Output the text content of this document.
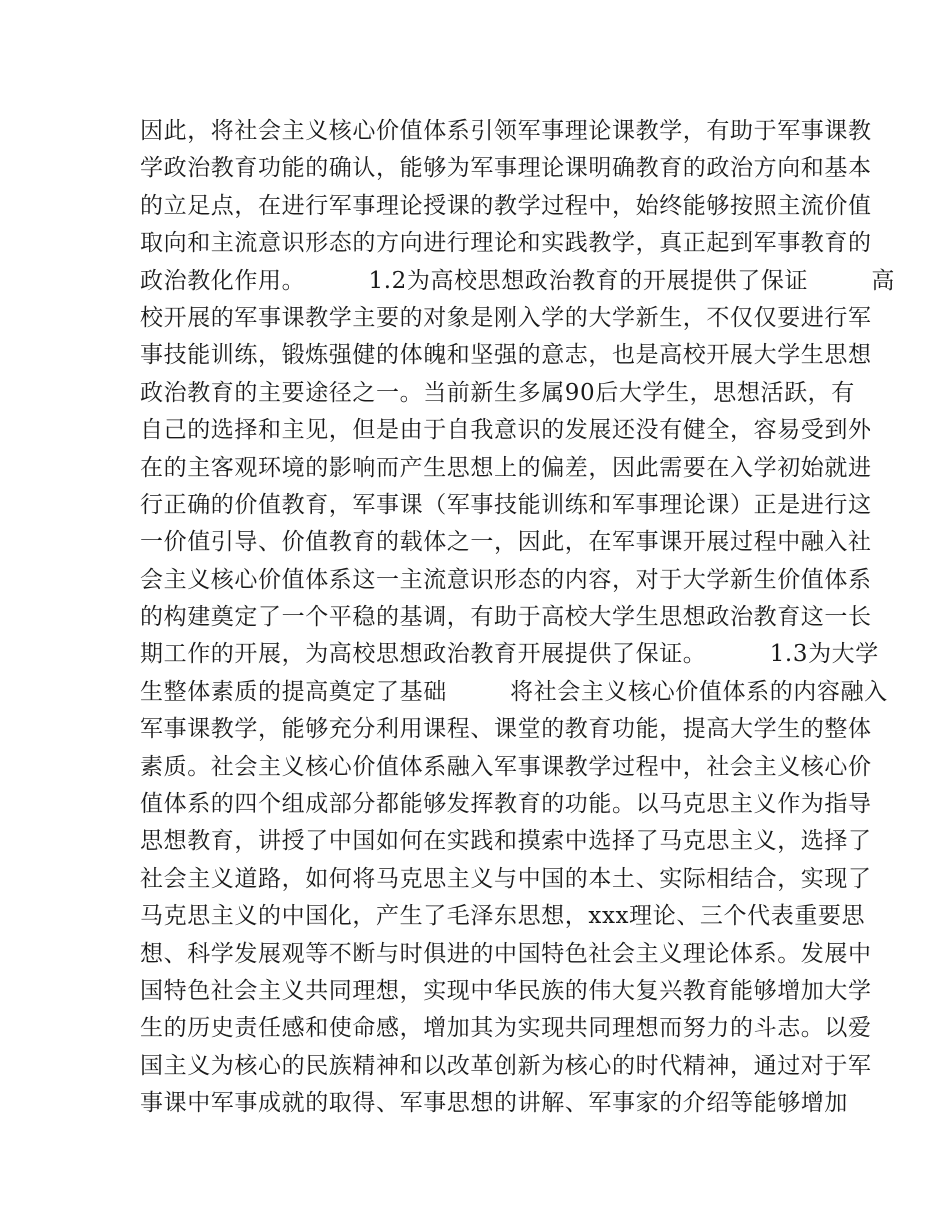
因此，将社会主义核心价值体系引领军事理论课教学，有助于军事课教
学政治教育功能的确认，能够为军事理论课明确教育的政治方向和基本
的立足点，在进行军事理论授课的教学过程中，始终能够按照主流价值
取向和主流意识形态的方向进行理论和实践教学，真正起到军事教育的
政治教化作用。        1.2为高校思想政治教育的开展提供了保证        高
校开展的军事课教学主要的对象是刚入学的大学新生，不仅仅要进行军
事技能训练，锻炼强健的体魄和坚强的意志，也是高校开展大学生思想
政治教育的主要途径之一。当前新生多属90后大学生，思想活跃，有
自己的选择和主见，但是由于自我意识的发展还没有健全，容易受到外
在的主客观环境的影响而产生思想上的偏差，因此需要在入学初始就进
行正确的价值教育，军事课（军事技能训练和军事理论课）正是进行这
一价值引导、价值教育的载体之一，因此，在军事课开展过程中融入社
会主义核心价值体系这一主流意识形态的内容，对于大学新生价值体系
的构建奠定了一个平稳的基调，有助于高校大学生思想政治教育这一长
期工作的开展，为高校思想政治教育开展提供了保证。        1.3为大学
生整体素质的提高奠定了基础        将社会主义核心价值体系的内容融入
军事课教学，能够充分利用课程、课堂的教育功能，提高大学生的整体
素质。社会主义核心价值体系融入军事课教学过程中，社会主义核心价
值体系的四个组成部分都能够发挥教育的功能。以马克思主义作为指导
思想教育，讲授了中国如何在实践和摸索中选择了马克思主义，选择了
社会主义道路，如何将马克思主义与中国的本土、实际相结合，实现了
马克思主义的中国化，产生了毛泽东思想，xxx理论、三个代表重要思
想、科学发展观等不断与时俱进的中国特色社会主义理论体系。发展中
国特色社会主义共同理想，实现中华民族的伟大复兴教育能够增加大学
生的历史责任感和使命感，增加其为实现共同理想而努力的斗志。以爱
国主义为核心的民族精神和以改革创新为核心的时代精神，通过对于军
事课中军事成就的取得、军事思想的讲解、军事家的介绍等能够增加
